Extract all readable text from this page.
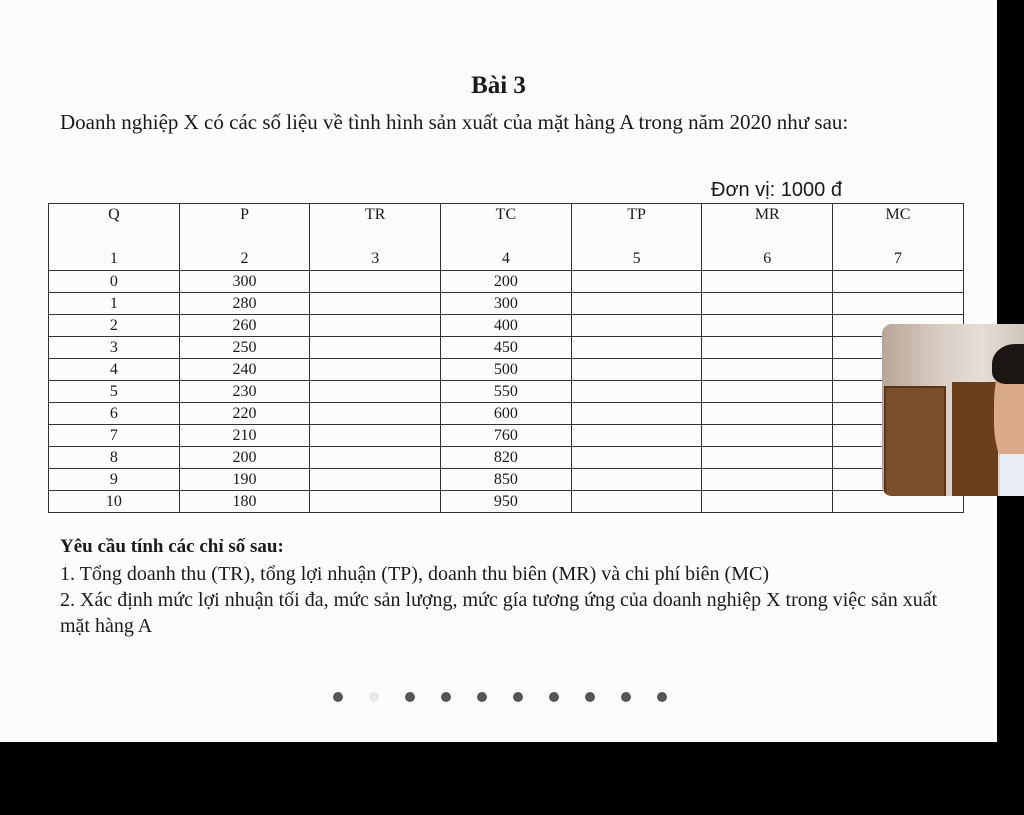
Bài 3
Doanh nghiệp X có các số liệu về tình hình sản xuất của mặt hàng A trong năm 2020 như sau:
Đơn vị: 1000 đ
Q	P	TR	TC	TP	MR	MC
1	2	3	4	5	6	7
0	300		200			
1	280		300			
2	260		400			
3	250		450			
4	240		500			
5	230		550			
6	220		600			
7	210		760			
8	200		820			
9	190		850			
10	180		950			
Yêu cầu tính các chỉ số sau:

1. Tổng doanh thu (TR), tổng lợi nhuận (TP), doanh thu biên (MR) và chi phí biên (MC)

2. Xác định mức lợi nhuận tối đa, mức sản lượng, mức gía tương ứng của doanh nghiệp X trong việc sản xuất mặt hàng A
